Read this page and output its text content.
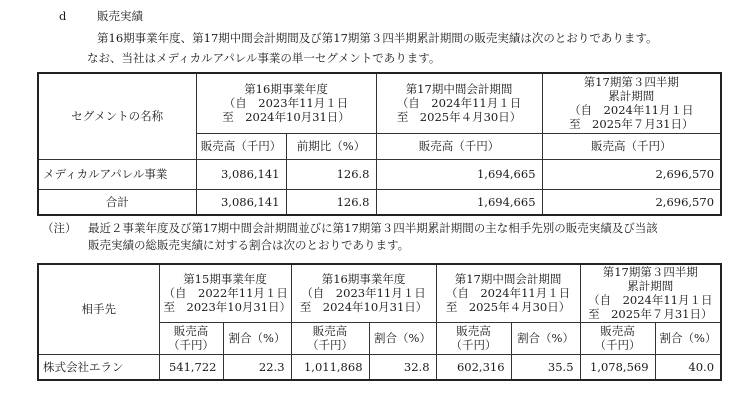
d	販売実績
第16期事業年度、第17期中間会計期間及び第17期第３四半期累計期間の販売実績は次のとおりであります。
なお、当社はメディカルアパレル事業の単一セグメントであります。
セグメントの名称	第16期事業年度
（自　2023年11月１日
至　2024年10月31日）		第17期中間会計期間
（自　2024年11月１日
至　2025年４月30日）	第17期第３四半期
累計期間
（自　2024年11月１日
至　2025年７月31日）

	販売高（千円）	前期比（%）	販売高（千円）	販売高（千円）
メディカルアパレル事業	3,086,141	126.8	1,694,665	2,696,570
合計	3,086,141	126.8	1,694,665	2,696,570
（注） 最近２事業年度及び第17期中間会計期間並びに第17期第３四半期累計期間の主な相手先別の販売実績及び当該
販売実績の総販売実績に対する割合は次のとおりであります。
相手先	第15期事業年度
（自　2022年11月１日
至　2023年10月31日）		第16期事業年度
（自　2023年11月１日
至　2024年10月31日）		第17期中間会計期間
（自　2024年11月１日
至　2025年４月30日）		第17期第３四半期
累計期間
（自　2024年11月１日
至　2025年７月31日）	

	販売高
（千円）	割合（%）	販売高
（千円）	割合（%）	販売高
（千円）	割合（%）	販売高
（千円）	割合（%）
株式会社エラン	541,722	22.3	1,011,868	32.8	602,316	35.5	1,078,569	40.0
